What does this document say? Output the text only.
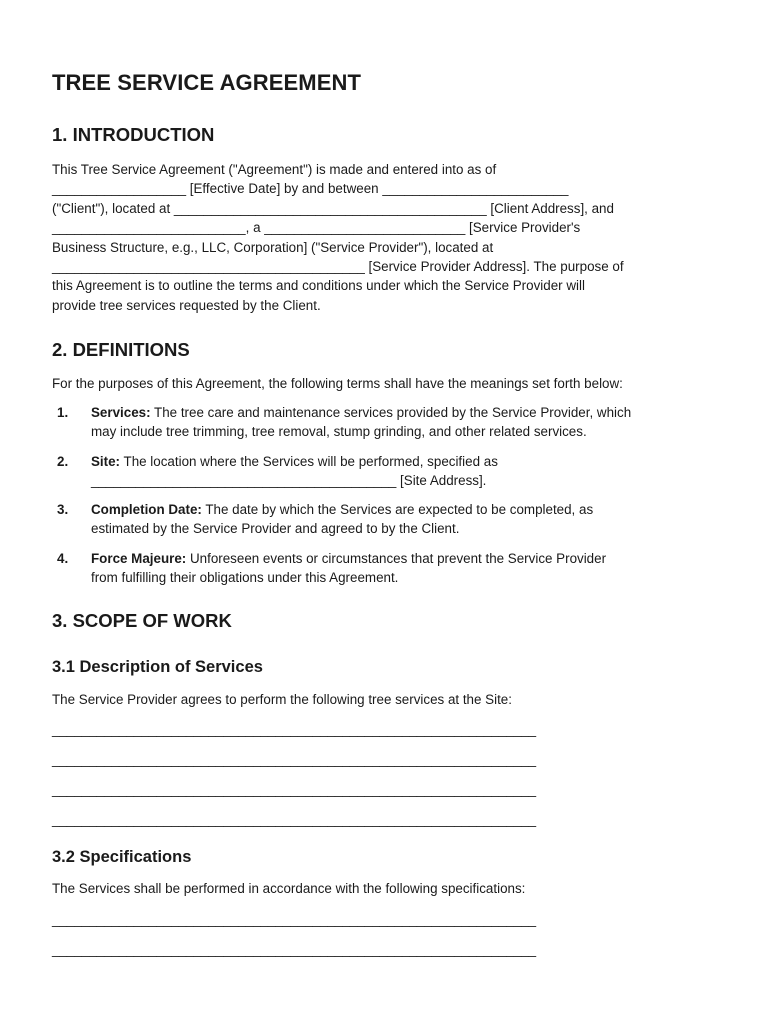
TREE SERVICE AGREEMENT
1. INTRODUCTION

This Tree Service Agreement ("Agreement") is made and entered into as of
__________________ [Effective Date] by and between _________________________
("Client"), located at __________________________________________ [Client Address], and
__________________________, a ___________________________ [Service Provider's
Business Structure, e.g., LLC, Corporation] ("Service Provider"), located at
__________________________________________ [Service Provider Address]. The purpose of
this Agreement is to outline the terms and conditions under which the Service Provider will
provide tree services requested by the Client.

2. DEFINITIONS

For the purposes of this Agreement, the following terms shall have the meanings set forth below:

1. Services: The tree care and maintenance services provided by the Service Provider, which
may include tree trimming, tree removal, stump grinding, and other related services.
2. Site: The location where the Services will be performed, specified as
_________________________________________ [Site Address].
3. Completion Date: The date by which the Services are expected to be completed, as
estimated by the Service Provider and agreed to by the Client.
4. Force Majeure: Unforeseen events or circumstances that prevent the Service Provider
from fulfilling their obligations under this Agreement.
3. SCOPE OF WORK
3.1 Description of Services

The Service Provider agrees to perform the following tree services at the Site:

_________________________________________________________________
_________________________________________________________________
_________________________________________________________________
_________________________________________________________________
3.2 Specifications

The Services shall be performed in accordance with the following specifications:

_________________________________________________________________
_________________________________________________________________
